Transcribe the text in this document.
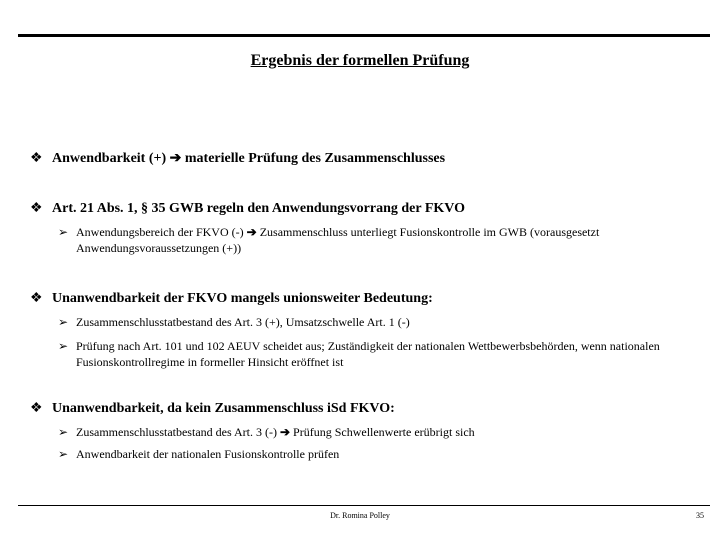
Ergebnis der formellen Prüfung
❖ Anwendbarkeit (+) ➔ materielle Prüfung des Zusammenschlusses
❖ Art. 21 Abs. 1, § 35 GWB regeln den Anwendungsvorrang der FKVO
➢ Anwendungsbereich der FKVO (-) ➔ Zusammenschluss unterliegt Fusionskontrolle im GWB (vorausgesetzt Anwendungsvoraussetzungen (+))
❖ Unanwendbarkeit der FKVO mangels unionsweiter Bedeutung:
➢ Zusammenschlusstatbestand des Art. 3 (+), Umsatzschwelle Art. 1 (-)
➢ Prüfung nach Art. 101 und 102 AEUV scheidet aus; Zuständigkeit der nationalen Wettbewerbsbehörden, wenn nationalen Fusionskontrollregime in formeller Hinsicht eröffnet ist
❖ Unanwendbarkeit, da kein Zusammenschluss iSd FKVO:
➢ Zusammenschlusstatbestand des Art. 3 (-) ➔ Prüfung Schwellenwerte erübrigt sich
➢ Anwendbarkeit der nationalen Fusionskontrolle prüfen
Dr. Romina Polley	35
